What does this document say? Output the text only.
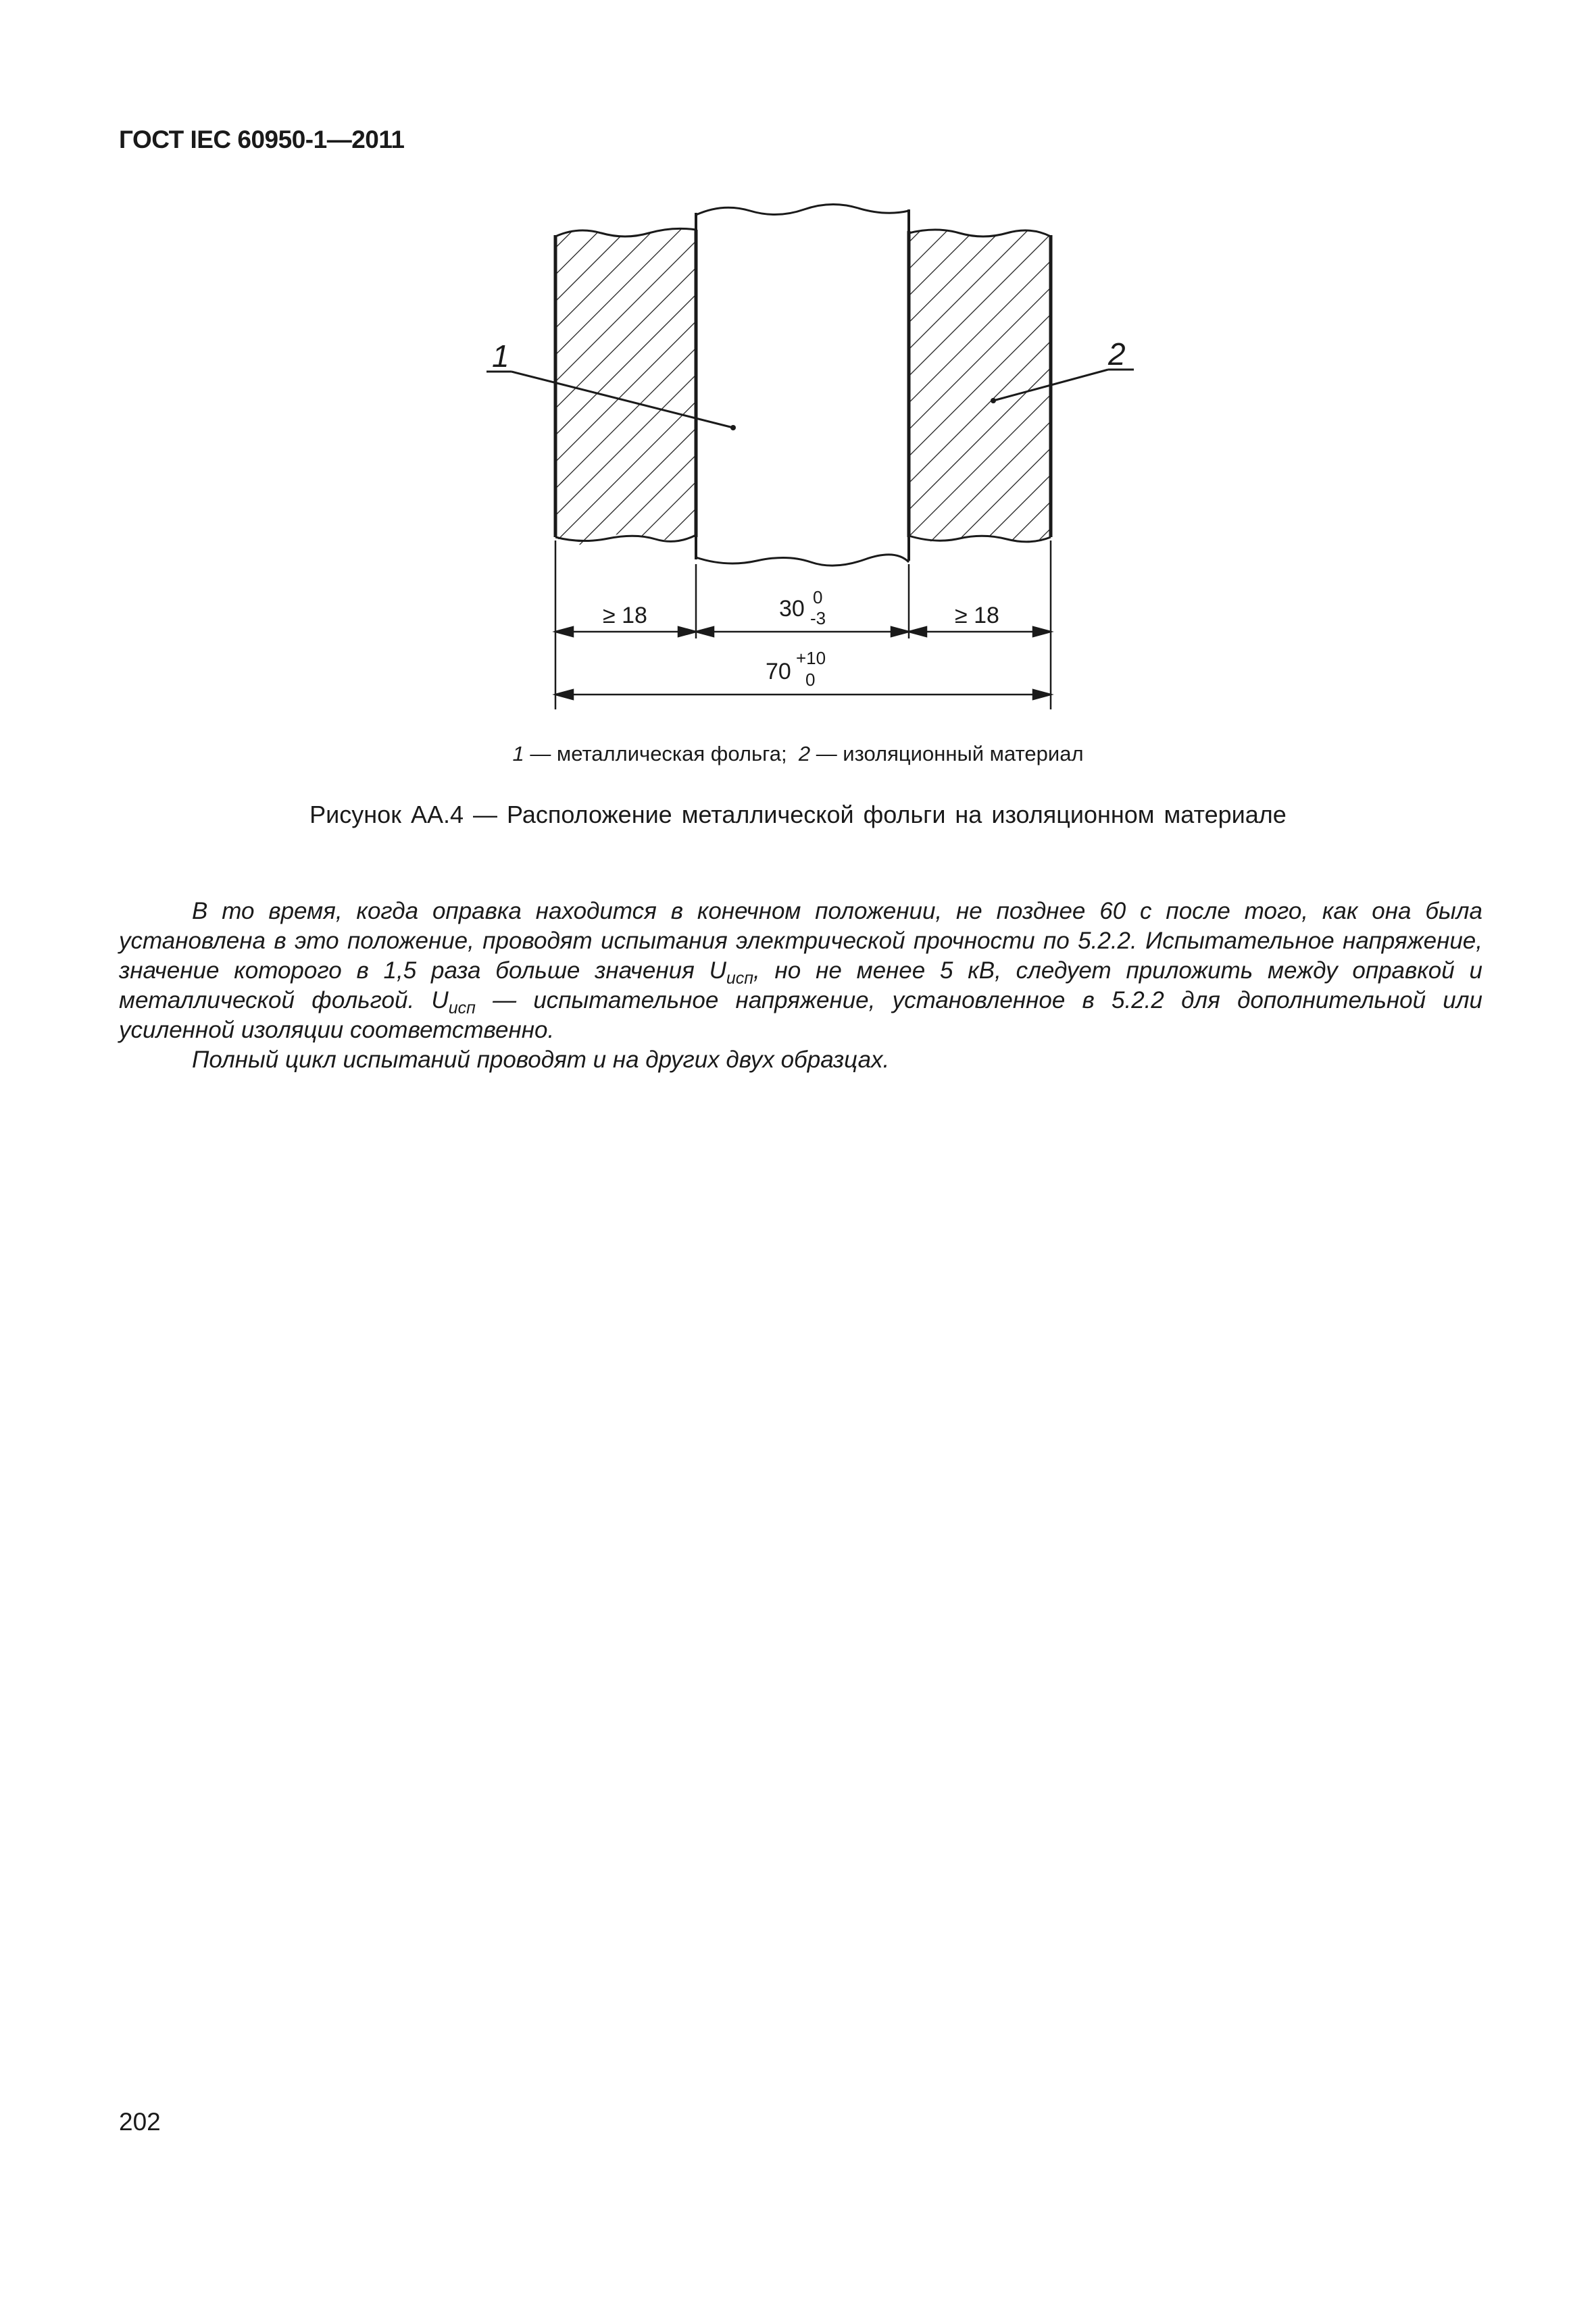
ГОСТ IEC 60950-1—2011
1	2
≥ 18	30 0
-3	≥ 18
70
+10
0
1 — металлическая фольга;  2 — изоляционный материал
Рисунок АА.4 — Расположение металлической фольги на изоляционном материале

В то время, когда оправка находится в конечном положении, не позднее 60 с после того, как она была установлена в это положение, проводят испытания электрической прочности по 5.2.2. Испытательное напряжение, значение которого в 1,5 раза больше значения $U_{исп}$, но не менее 5 кВ, следует приложить между оправкой и металлической фольгой. $U_{исп}$ — испытательное напряжение, установленное в 5.2.2 для дополнительной или усиленной изоляции соответственно.

Полный цикл испытаний проводят и на других двух образцах.

202
